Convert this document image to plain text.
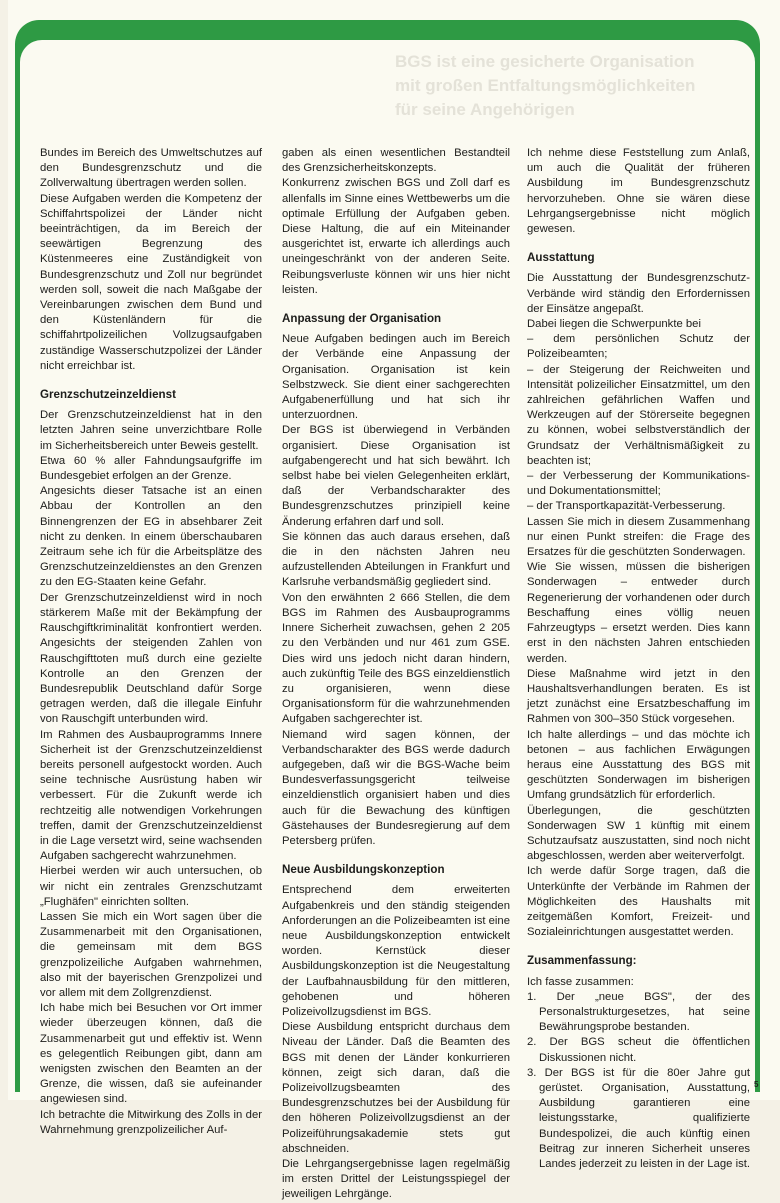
BGS ist eine gesicherte Organisation
mit großen Entfaltungsmöglichkeiten
für seine Angehörigen

Bundes im Bereich des Umweltschutzes auf den Bundesgrenzschutz und die Zollverwaltung übertragen werden sollen.

Diese Aufgaben werden die Kompetenz der Schiffahrtspolizei der Länder nicht beeinträchtigen, da im Bereich der seewärtigen Begrenzung des Küstenmeeres eine Zuständigkeit von Bundesgrenzschutz und Zoll nur begründet werden soll, soweit die nach Maßgabe der Vereinbarungen zwischen dem Bund und den Küstenländern für die schiffahrtpolizeilichen Vollzugsaufgaben zuständige Wasserschutzpolizei der Länder nicht erreichbar ist.

Grenzschutzeinzeldienst

Der Grenzschutzeinzeldienst hat in den letzten Jahren seine unverzichtbare Rolle im Sicherheitsbereich unter Beweis gestellt.

Etwa 60 % aller Fahndungsaufgriffe im Bundesgebiet erfolgen an der Grenze.

Angesichts dieser Tatsache ist an einen Abbau der Kontrollen an den Binnengrenzen der EG in absehbarer Zeit nicht zu denken. In einem überschaubaren Zeitraum sehe ich für die Arbeitsplätze des Grenzschutzeinzeldienstes an den Grenzen zu den EG-Staaten keine Gefahr.

Der Grenzschutzeinzeldienst wird in noch stärkerem Maße mit der Bekämpfung der Rauschgiftkriminalität konfrontiert werden. Angesichts der steigenden Zahlen von Rauschgifttoten muß durch eine gezielte Kontrolle an den Grenzen der Bundesrepublik Deutschland dafür Sorge getragen werden, daß die illegale Einfuhr von Rauschgift unterbunden wird.

Im Rahmen des Ausbauprogramms Innere Sicherheit ist der Grenzschutzeinzeldienst bereits personell aufgestockt worden. Auch seine technische Ausrüstung haben wir verbessert. Für die Zukunft werde ich rechtzeitig alle notwendigen Vorkehrungen treffen, damit der Grenzschutzeinzeldienst in die Lage versetzt wird, seine wachsenden Aufgaben sachgerecht wahrzunehmen.

Hierbei werden wir auch untersuchen, ob wir nicht ein zentrales Grenzschutzamt „Flughäfen" einrichten sollten.

Lassen Sie mich ein Wort sagen über die Zusammenarbeit mit den Organisationen, die gemeinsam mit dem BGS grenzpolizeiliche Aufgaben wahrnehmen, also mit der bayerischen Grenzpolizei und vor allem mit dem Zollgrenzdienst.

Ich habe mich bei Besuchen vor Ort immer wieder überzeugen können, daß die Zusammenarbeit gut und effektiv ist. Wenn es gelegentlich Reibungen gibt, dann am wenigsten zwischen den Beamten an der Grenze, die wissen, daß sie aufeinander angewiesen sind.

Ich betrachte die Mitwirkung des Zolls in der Wahrnehmung grenzpolizeilicher Auf-

gaben als einen wesentlichen Bestandteil des Grenzsicherheitskonzepts.

Konkurrenz zwischen BGS und Zoll darf es allenfalls im Sinne eines Wettbewerbs um die optimale Erfüllung der Aufgaben geben. Diese Haltung, die auf ein Miteinander ausgerichtet ist, erwarte ich allerdings auch uneingeschränkt von der anderen Seite. Reibungsverluste können wir uns hier nicht leisten.

Anpassung der Organisation

Neue Aufgaben bedingen auch im Bereich der Verbände eine Anpassung der Organisation. Organisation ist kein Selbstzweck. Sie dient einer sachgerechten Aufgabenerfüllung und hat sich ihr unterzuordnen.

Der BGS ist überwiegend in Verbänden organisiert. Diese Organisation ist aufgabengerecht und hat sich bewährt. Ich selbst habe bei vielen Gelegenheiten erklärt, daß der Verbandscharakter des Bundesgrenzschutzes prinzipiell keine Änderung erfahren darf und soll.

Sie können das auch daraus ersehen, daß die in den nächsten Jahren neu aufzustellenden Abteilungen in Frankfurt und Karlsruhe verbandsmäßig gegliedert sind.

Von den erwähnten 2 666 Stellen, die dem BGS im Rahmen des Ausbauprogramms Innere Sicherheit zuwachsen, gehen 2 205 zu den Verbänden und nur 461 zum GSE. Dies wird uns jedoch nicht daran hindern, auch zukünftig Teile des BGS einzeldienstlich zu organisieren, wenn diese Organisationsform für die wahrzunehmenden Aufgaben sachgerechter ist.

Niemand wird sagen können, der Verbandscharakter des BGS werde dadurch aufgegeben, daß wir die BGS-Wache beim Bundesverfassungsgericht teilweise einzeldienstlich organisiert haben und dies auch für die Bewachung des künftigen Gästehauses der Bundesregierung auf dem Petersberg prüfen.

Neue Ausbildungskonzeption

Entsprechend dem erweiterten Aufgabenkreis und den ständig steigenden Anforderungen an die Polizeibeamten ist eine neue Ausbildungskonzeption entwickelt worden. Kernstück dieser Ausbildungskonzeption ist die Neugestaltung der Laufbahnausbildung für den mittleren, gehobenen und höheren Polizeivollzugsdienst im BGS.

Diese Ausbildung entspricht durchaus dem Niveau der Länder. Daß die Beamten des BGS mit denen der Länder konkurrieren können, zeigt sich daran, daß die Polizeivollzugsbeamten des Bundesgrenzschutzes bei der Ausbildung für den höheren Polizeivollzugsdienst an der Polizeiführungsakademie stets gut abschneiden.

Die Lehrgangsergebnisse lagen regelmäßig im ersten Drittel der Leistungsspiegel der jeweiligen Lehrgänge.

Ich nehme diese Feststellung zum Anlaß, um auch die Qualität der früheren Ausbildung im Bundesgrenzschutz hervorzuheben. Ohne sie wären diese Lehrgangsergebnisse nicht möglich gewesen.

Ausstattung

Die Ausstattung der Bundesgrenzschutz-Verbände wird ständig den Erfordernissen der Einsätze angepaßt.

Dabei liegen die Schwerpunkte bei

– dem persönlichen Schutz der Polizeibeamten;

– der Steigerung der Reichweiten und Intensität polizeilicher Einsatzmittel, um den zahlreichen gefährlichen Waffen und Werkzeugen auf der Störerseite begegnen zu können, wobei selbstverständlich der Grundsatz der Verhältnismäßigkeit zu beachten ist;

– der Verbesserung der Kommunikations- und Dokumentationsmittel;

– der Transportkapazität-Verbesserung.

Lassen Sie mich in diesem Zusammenhang nur einen Punkt streifen: die Frage des Ersatzes für die geschützten Sonderwagen.

Wie Sie wissen, müssen die bisherigen Sonderwagen – entweder durch Regenerierung der vorhandenen oder durch Beschaffung eines völlig neuen Fahrzeugtyps – ersetzt werden. Dies kann erst in den nächsten Jahren entschieden werden.

Diese Maßnahme wird jetzt in den Haushaltsverhandlungen beraten. Es ist jetzt zunächst eine Ersatzbeschaffung im Rahmen von 300–350 Stück vorgesehen.

Ich halte allerdings – und das möchte ich betonen – aus fachlichen Erwägungen heraus eine Ausstattung des BGS mit geschützten Sonderwagen im bisherigen Umfang grundsätzlich für erforderlich.

Überlegungen, die geschützten Sonderwagen SW 1 künftig mit einem Schutzaufsatz auszustatten, sind noch nicht abgeschlossen, werden aber weiterverfolgt.

Ich werde dafür Sorge tragen, daß die Unterkünfte der Verbände im Rahmen der Möglichkeiten des Haushalts mit zeitgemäßen Komfort, Freizeit- und Sozialeinrichtungen ausgestattet werden.

Zusammenfassung:

Ich fasse zusammen:

1. Der „neue BGS", der des Personalstrukturgesetzes, hat seine Bewährungsprobe bestanden.

2. Der BGS scheut die öffentlichen Diskussionen nicht.

3. Der BGS ist für die 80er Jahre gut gerüstet. Organisation, Ausstattung, Ausbildung garantieren eine leistungsstarke, qualifizierte Bundespolizei, die auch künftig einen Beitrag zur inneren Sicherheit unseres Landes jederzeit zu leisten in der Lage ist.

5
